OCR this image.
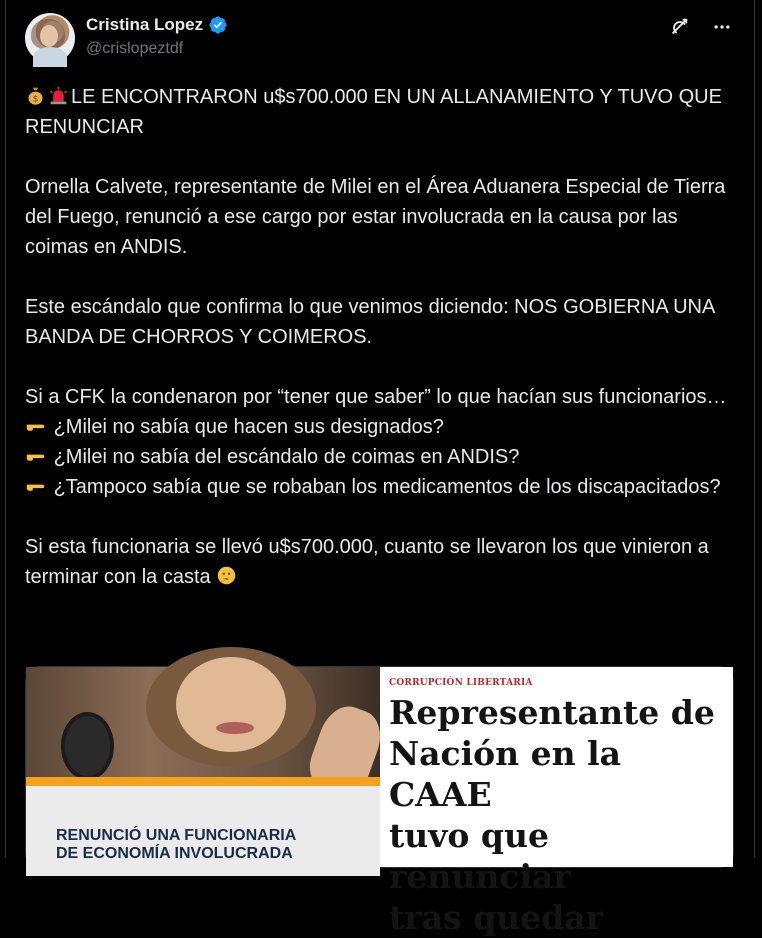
Cristina Lopez
@crislopeztdf
$ LE ENCONTRARON u$s700.000 EN UN ALLANAMIENTO Y TUVO QUE RENUNCIAR

Ornella Calvete, representante de Milei en el Área Aduanera Especial de Tierra del Fuego, renunció a ese cargo por estar involucrada en la causa por las coimas en ANDIS.

Este escándalo que confirma lo que venimos diciendo: NOS GOBIERNA UNA BANDA DE CHORROS Y COIMEROS.

Si a CFK la condenaron por “tener que saber” lo que hacían sus funcionarios…
¿Milei no sabía que hacen sus designados?
¿Milei no sabía del escándalo de coimas en ANDIS?
¿Tampoco sabía que se robaban los medicamentos de los discapacitados?

Si esta funcionaria se llevó u$s700.000, cuanto se llevaron los que vinieron a terminar con la casta
RENUNCIÓ UNA FUNCIONARIA
DE ECONOMÍA INVOLUCRADA
CORRUPCIÓN LIBERTARIA
Representante de
Nación en la CAAE
tuvo que renunciar
tras quedar
